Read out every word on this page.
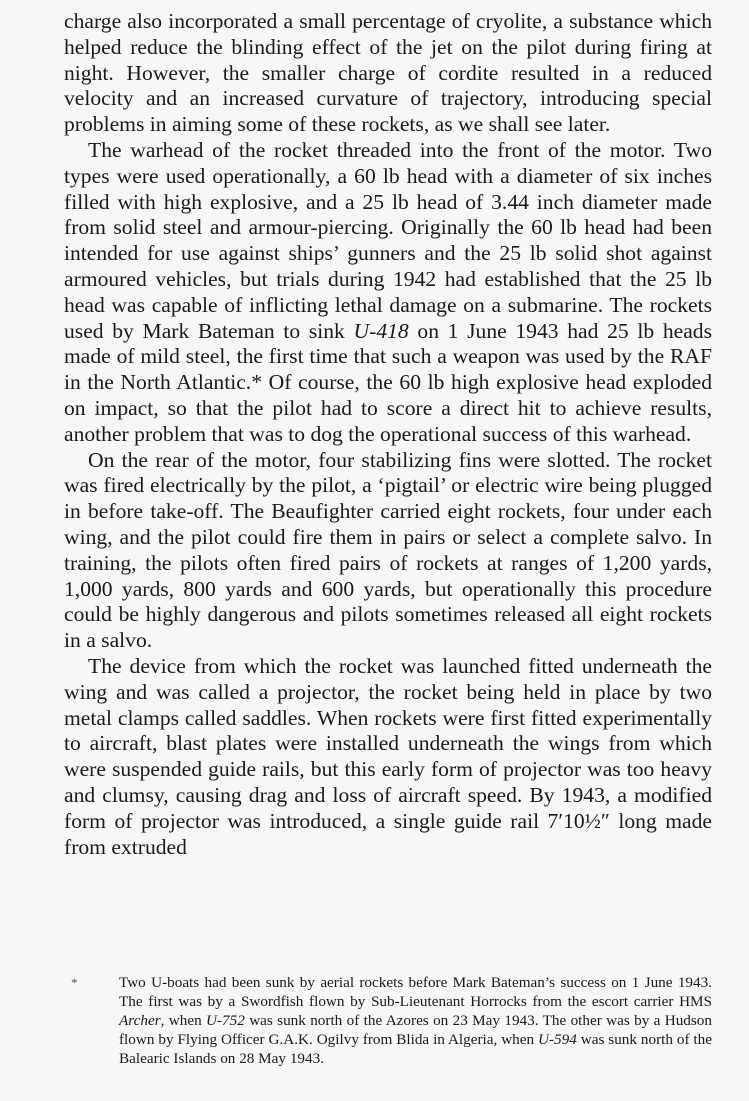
charge also incorporated a small percentage of cryolite, a substance which helped reduce the blinding effect of the jet on the pilot during firing at night. However, the smaller charge of cordite resulted in a reduced velocity and an increased curvature of trajectory, introducing special problems in aiming some of these rockets, as we shall see later.

The warhead of the rocket threaded into the front of the motor. Two types were used operationally, a 60 lb head with a diameter of six inches filled with high explosive, and a 25 lb head of 3.44 inch diameter made from solid steel and armour-piercing. Originally the 60 lb head had been intended for use against ships’ gunners and the 25 lb solid shot against armoured vehicles, but trials during 1942 had established that the 25 lb head was capable of inflicting lethal damage on a submarine. The rockets used by Mark Bateman to sink U-418 on 1 June 1943 had 25 lb heads made of mild steel, the first time that such a weapon was used by the RAF in the North Atlantic.* Of course, the 60 lb high explosive head exploded on impact, so that the pilot had to score a direct hit to achieve results, another problem that was to dog the operational success of this warhead.

On the rear of the motor, four stabilizing fins were slotted. The rocket was fired electrically by the pilot, a ‘pigtail’ or electric wire being plugged in before take-off. The Beaufighter carried eight rockets, four under each wing, and the pilot could fire them in pairs or select a complete salvo. In training, the pilots often fired pairs of rockets at ranges of 1,200 yards, 1,000 yards, 800 yards and 600 yards, but operationally this procedure could be highly dangerous and pilots sometimes released all eight rockets in a salvo.

The device from which the rocket was launched fitted underneath the wing and was called a projector, the rocket being held in place by two metal clamps called saddles. When rockets were first fitted experimentally to aircraft, blast plates were installed underneath the wings from which were suspended guide rails, but this early form of projector was too heavy and clumsy, causing drag and loss of aircraft speed. By 1943, a modified form of projector was introduced, a single guide rail 7′10½″ long made from extruded

*	Two U-boats had been sunk by aerial rockets before Mark Bateman’s success on 1 June 1943. The first was by a Swordfish flown by Sub-Lieutenant Horrocks from the escort carrier HMS Archer, when U-752 was sunk north of the Azores on 23 May 1943. The other was by a Hudson flown by Flying Officer G.A.K. Ogilvy from Blida in Algeria, when U-594 was sunk north of the Balearic Islands on 28 May 1943.
